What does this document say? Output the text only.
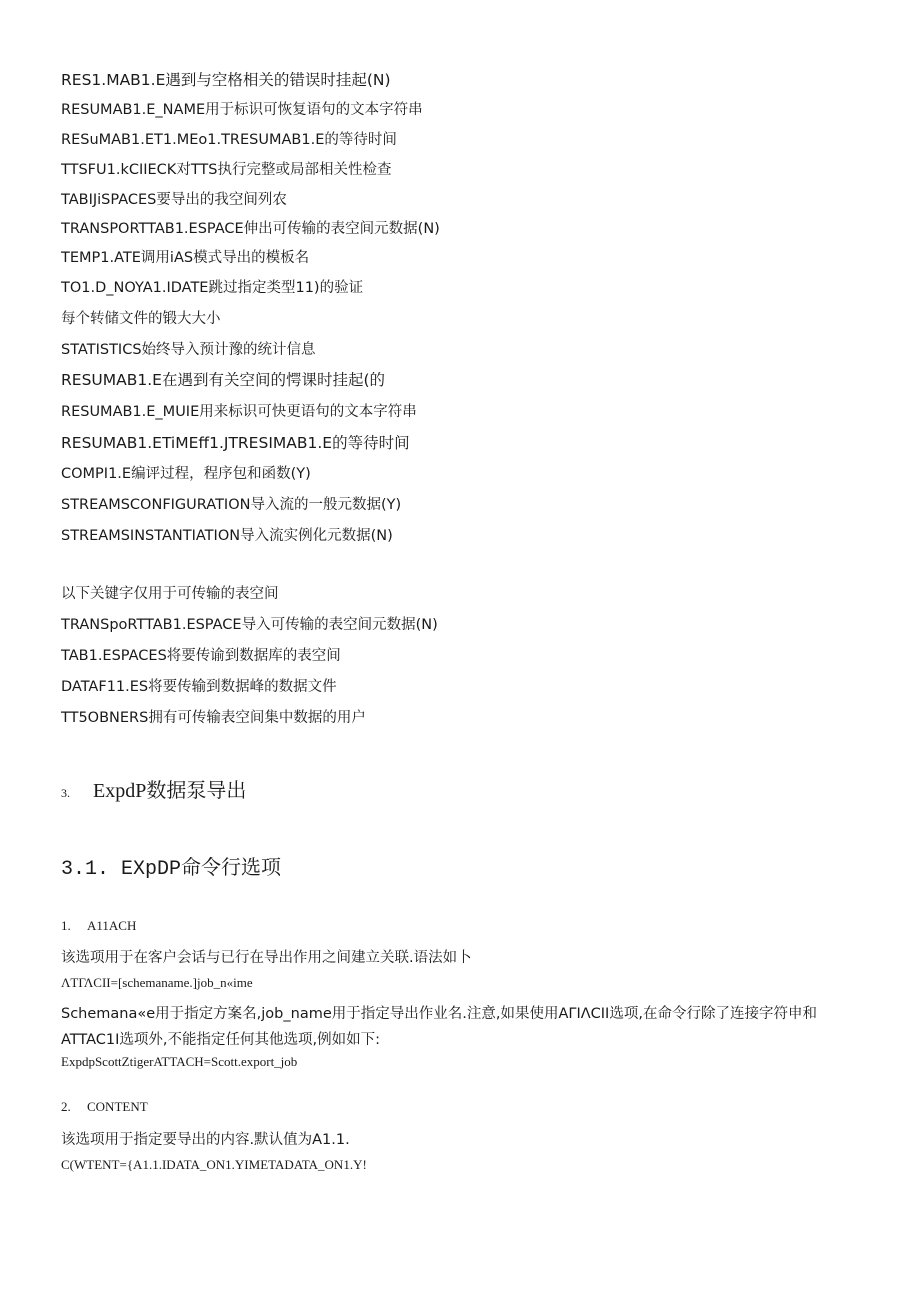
RES1.MAB1.E遇到与空格相关的错误时挂起(N)
RESUMAB1.E_NAME用于标识可恢复语句的文本字符串
RESuMAB1.ET1.MEo1.TRESUMAB1.E的等待时间
TTSFU1.kCIIECK对TTS执行完整或局部相关性检查
TABIJiSPACES要导出的我空间列农
TRANSPORTTAB1.ESPACE伸出可传输的表空间元数据(N)
TEMP1.ATE调用iAS模式导出的模板名
TO1.D_NOYA1.IDATE跳过指定类型11)的验证
每个转储文件的锻大大小
STATISTICS始终导入预计豫的统计信息
RESUMAB1.E在遇到有关空间的愕课时挂起(的
RESUMAB1.E_MUIE用来标识可快更语句的文本字符串
RESUMAB1.ETiMEff1.JTRESIMAB1.E的等待时间
COMPI1.E编评过程，程序包和函数(Y)
STREAMSCONFIGURATION导入流的一般元数据(Y)
STREAMSINSTANTIATION导入流实例化元数据(N)
以下关键字仅用于可传输的表空间
TRANSpoRTTAB1.ESPACE导入可传输的表空间元数据(N)
TAB1.ESPACES将要传谕到数据库的表空间
DATAF11.ES将要传输到数据峰的数据文件
TT5OBNERS拥有可传输表空间集中数据的用户
3. ExpdP数据泵导出
3.1. EXpDP命令行选项
1. A11ACH
该选项用于在客户会话与已行在导出作用之间建立关联.语法如卜
ΛTΓΛCII=[schemaname.]job_n«ime
Schemana«e用于指定方案名,job_name用于指定导出作业名.注意,如果使用AΓIΛCII选项,在命令行除了连接字符申和
ATTAC1I选项外,不能指定任何其他选项,例如如下:
ExpdpScottZtigerATTACH=Scott.export_job
2. CONTENT
该选项用于指定要导出的内容.默认值为A1.1.
C(WTENT={A1.1.IDATA_ON1.YIMETADATA_ON1.Y!
